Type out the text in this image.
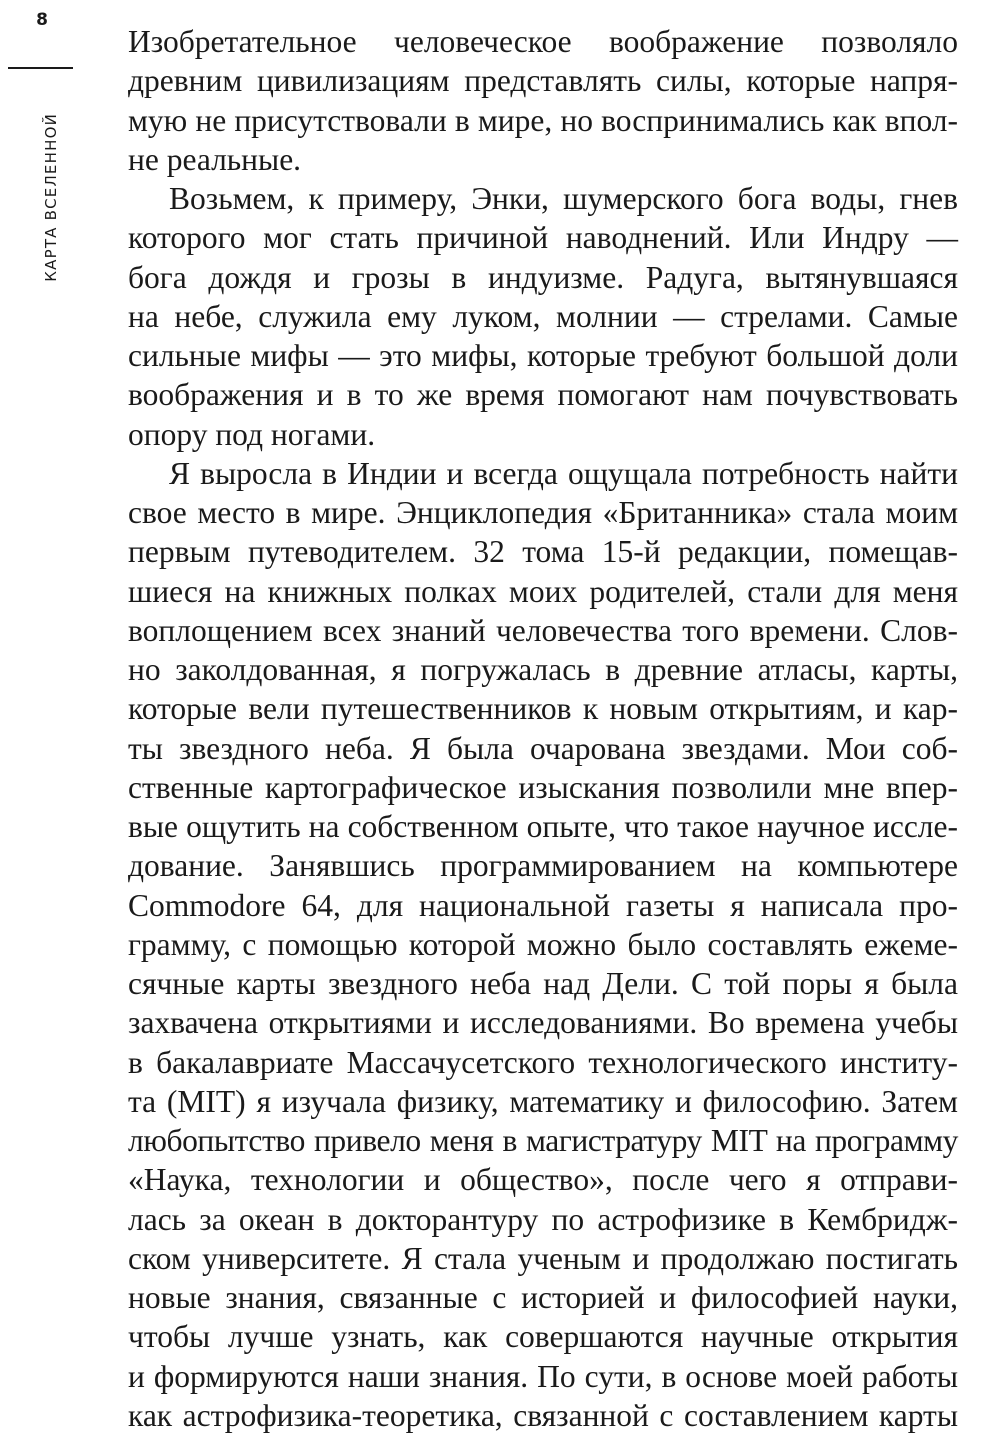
8
КАРТА ВСЕЛЕННОЙ
Изобретательное человеческое воображение позволяло
древним цивилизациям представлять силы, которые напря-
мую не присутствовали в мире, но воспринимались как впол-
не реальные.
Возьмем, к примеру, Энки, шумерского бога воды, гнев
которого мог стать причиной наводнений. Или Индру —
бога дождя и грозы в индуизме. Радуга, вытянувшаяся
на небе, служила ему луком, молнии — стрелами. Самые
сильные мифы — это мифы, которые требуют большой доли
воображения и в то же время помогают нам почувствовать
опору под ногами.
Я выросла в Индии и всегда ощущала потребность найти
свое место в мире. Энциклопедия «Британника» стала моим
первым путеводителем. 32 тома 15-й редакции, помещав-
шиеся на книжных полках моих родителей, стали для меня
воплощением всех знаний человечества того времени. Слов-
но заколдованная, я погружалась в древние атласы, карты,
которые вели путешественников к новым открытиям, и кар-
ты звездного неба. Я была очарована звездами. Мои соб-
ственные картографическое изыскания позволили мне впер-
вые ощутить на собственном опыте, что такое научное иссле-
дование. Занявшись программированием на компьютере
Commodore 64, для национальной газеты я написала про-
грамму, с помощью которой можно было составлять ежеме-
сячные карты звездного неба над Дели. С той поры я была
захвачена открытиями и исследованиями. Во времена учебы
в бакалавриате Массачусетского технологического институ-
та (MIT) я изучала физику, математику и философию. Затем
любопытство привело меня в магистратуру MIT на программу
«Наука, технологии и общество», после чего я отправи-
лась за океан в докторантуру по астрофизике в Кембридж-
ском университете. Я стала ученым и продолжаю постигать
новые знания, связанные с историей и философией науки,
чтобы лучше узнать, как совершаются научные открытия
и формируются наши знания. По сути, в основе моей работы
как астрофизика-теоретика, связанной с составлением карты
